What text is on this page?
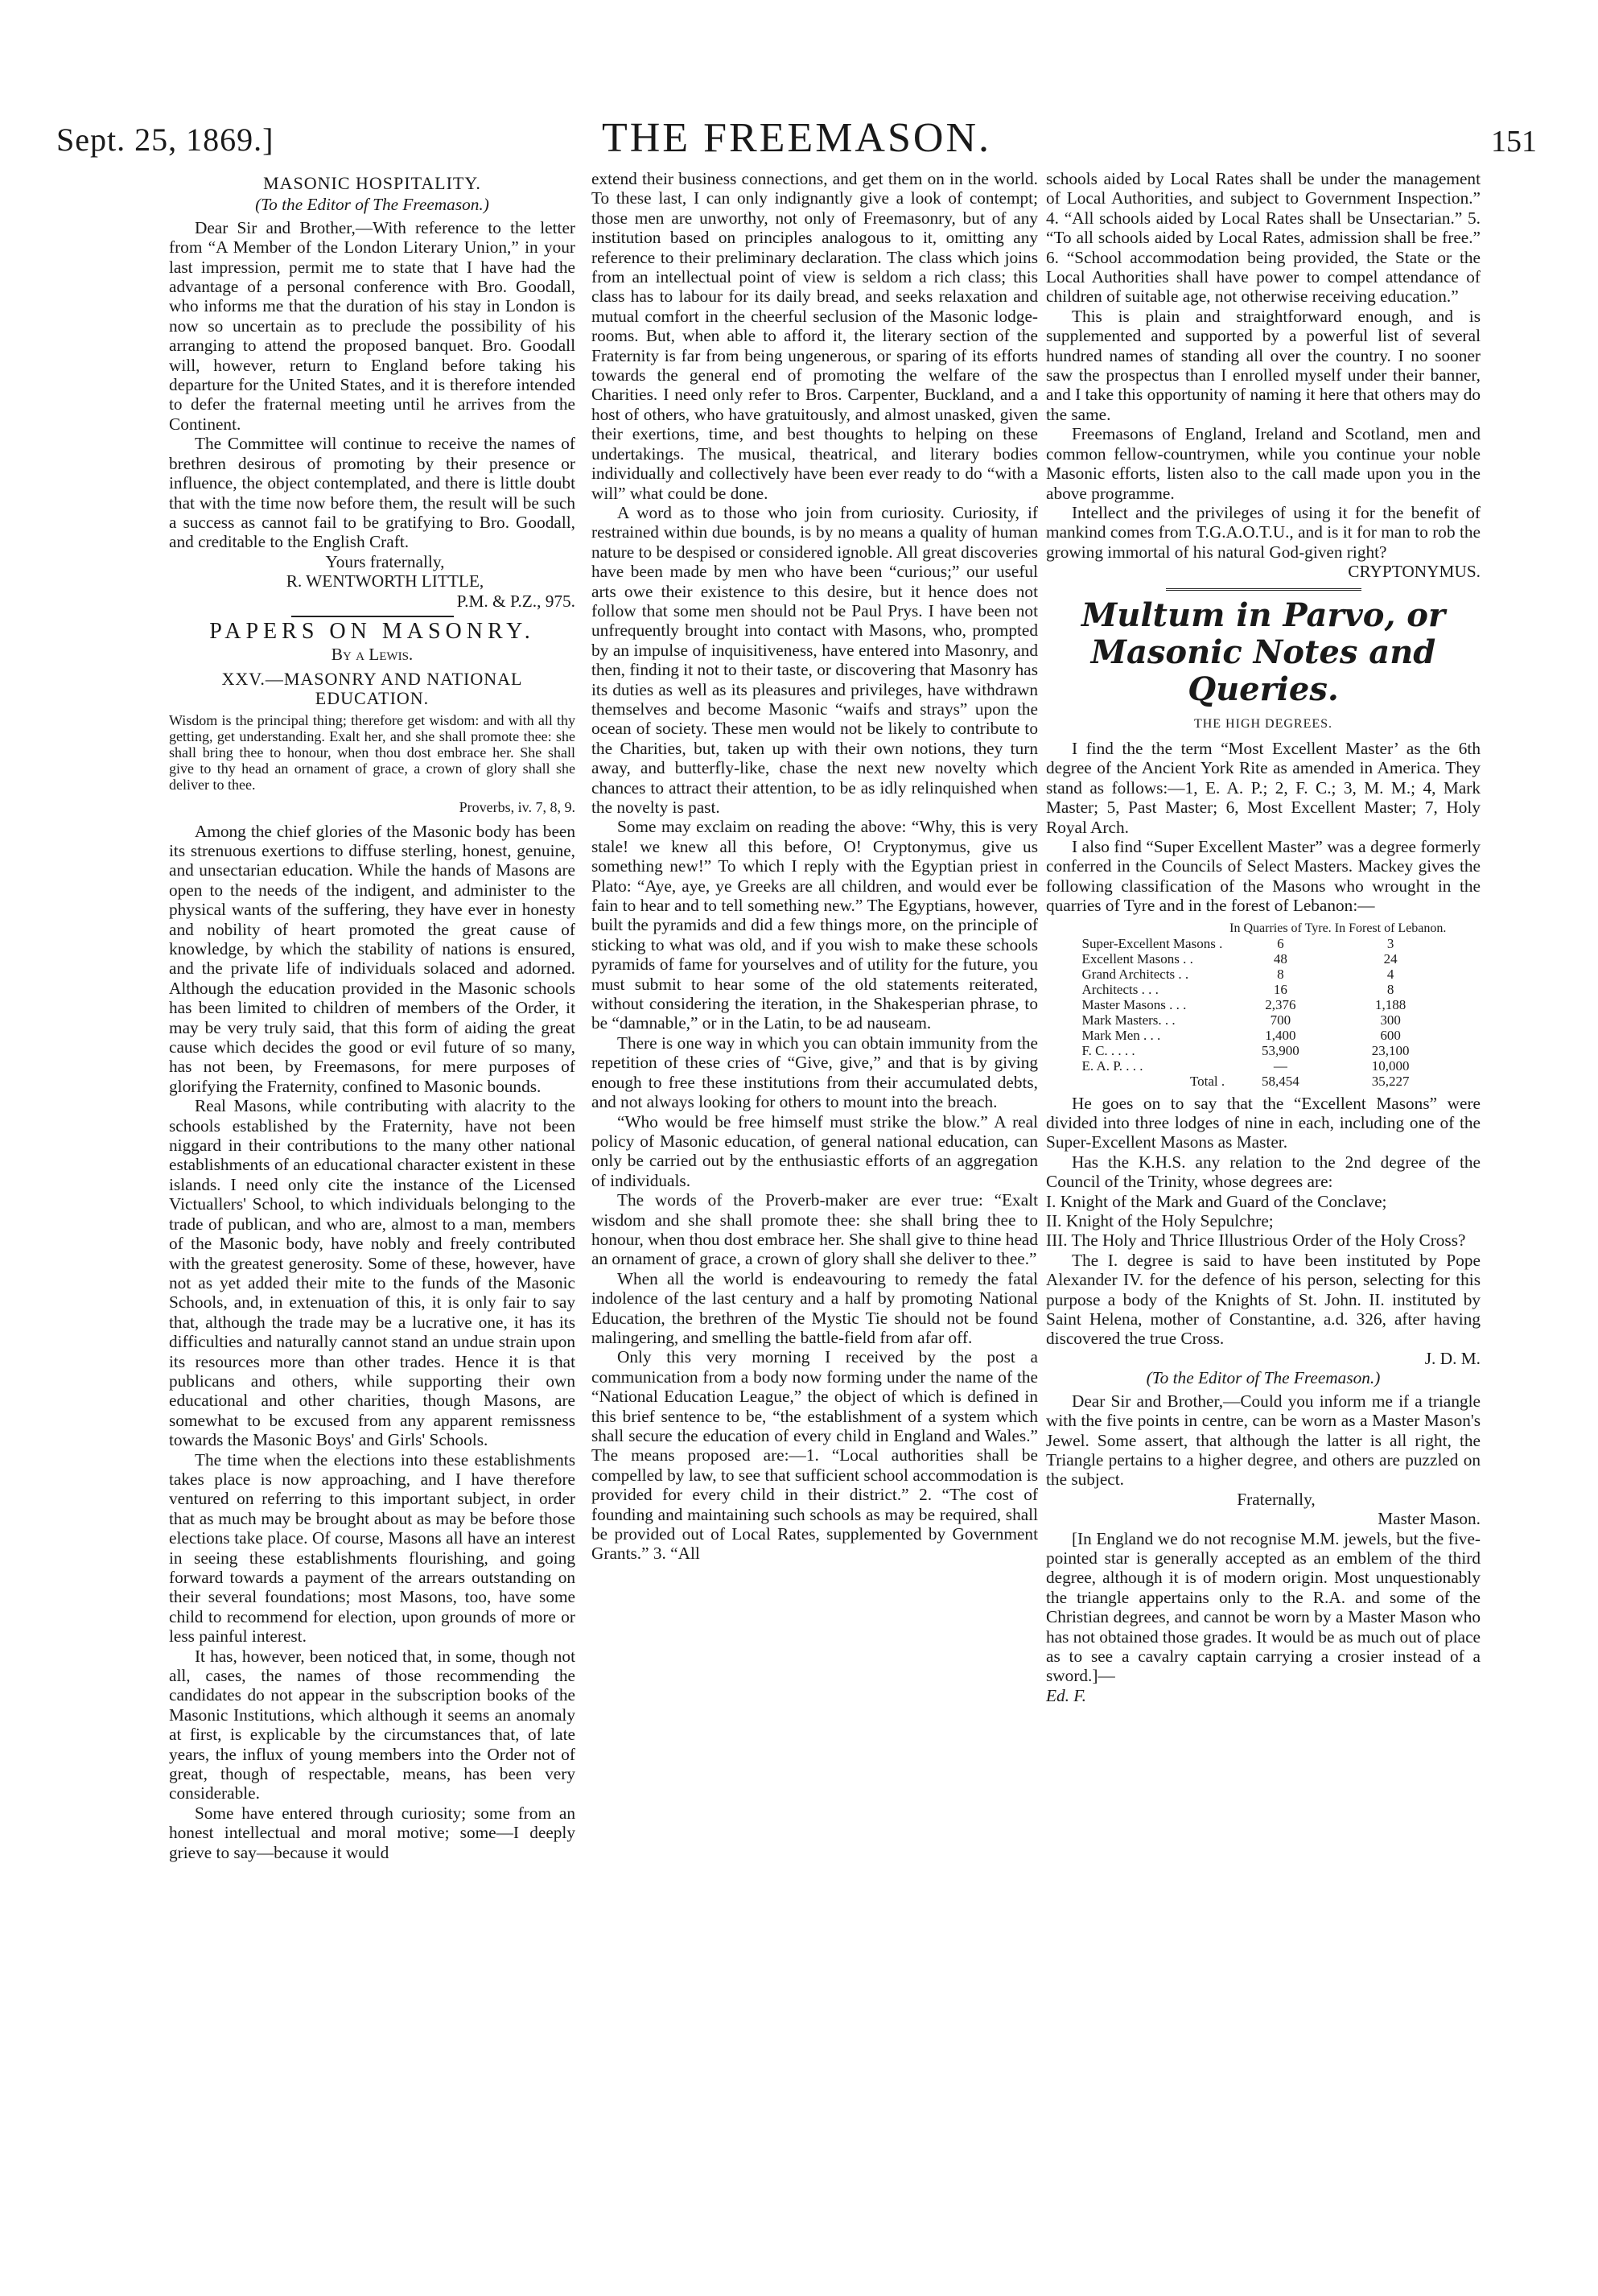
Sept. 25, 1869.]	THE FREEMASON.	151
MASONIC HOSPITALITY.
(To the Editor of The Freemason.)

Dear Sir and Brother,—With reference to the letter from “A Member of the London Literary Union,” in your last impression, permit me to state that I have had the advantage of a personal conference with Bro. Goodall, who informs me that the duration of his stay in London is now so uncertain as to preclude the possibility of his arranging to attend the proposed banquet. Bro. Goodall will, however, return to England before taking his departure for the United States, and it is therefore intended to defer the fraternal meeting until he arrives from the Continent.

The Committee will continue to receive the names of brethren desirous of promoting by their presence or influence, the object contemplated, and there is little doubt that with the time now before them, the result will be such a success as cannot fail to be gratifying to Bro. Goodall, and creditable to the English Craft.

Yours fraternally,

R. WENTWORTH LITTLE,

P.M. & P.Z., 975.

PAPERS ON MASONRY.
By a Lewis.
XXV.—MASONRY AND NATIONAL EDUCATION.

Wisdom is the principal thing; therefore get wisdom: and with all thy getting, get understanding. Exalt her, and she shall promote thee: she shall bring thee to honour, when thou dost embrace her. She shall give to thy head an ornament of grace, a crown of glory shall she deliver to thee.

Proverbs, iv. 7, 8, 9.

Among the chief glories of the Masonic body has been its strenuous exertions to diffuse sterling, honest, genuine, and unsectarian education. While the hands of Masons are open to the needs of the indigent, and administer to the physical wants of the suffering, they have ever in honesty and nobility of heart promoted the great cause of knowledge, by which the stability of nations is ensured, and the private life of individuals solaced and adorned. Although the education provided in the Masonic schools has been limited to children of members of the Order, it may be very truly said, that this form of aiding the great cause which decides the good or evil future of so many, has not been, by Freemasons, for mere purposes of glorifying the Fraternity, confined to Masonic bounds.

Real Masons, while contributing with alacrity to the schools established by the Fraternity, have not been niggard in their contributions to the many other national establishments of an educational character existent in these islands. I need only cite the instance of the Licensed Victuallers' School, to which individuals belonging to the trade of publican, and who are, almost to a man, members of the Masonic body, have nobly and freely contributed with the greatest generosity. Some of these, however, have not as yet added their mite to the funds of the Masonic Schools, and, in extenuation of this, it is only fair to say that, although the trade may be a lucrative one, it has its difficulties and naturally cannot stand an undue strain upon its resources more than other trades. Hence it is that publicans and others, while supporting their own educational and other charities, though Masons, are somewhat to be excused from any apparent remissness towards the Masonic Boys' and Girls' Schools.

The time when the elections into these establishments takes place is now approaching, and I have therefore ventured on referring to this important subject, in order that as much may be brought about as may be before those elections take place. Of course, Masons all have an interest in seeing these establishments flourishing, and going forward towards a payment of the arrears outstanding on their several foundations; most Masons, too, have some child to recommend for election, upon grounds of more or less painful interest.

It has, however, been noticed that, in some, though not all, cases, the names of those recommending the candidates do not appear in the subscription books of the Masonic Institutions, which although it seems an anomaly at first, is explicable by the circumstances that, of late years, the influx of young members into the Order not of great, though of respectable, means, has been very considerable.

Some have entered through curiosity; some from an honest intellectual and moral motive; some—I deeply grieve to say—because it would

extend their business connections, and get them on in the world. To these last, I can only indignantly give a look of contempt; those men are unworthy, not only of Freemasonry, but of any institution based on principles analogous to it, omitting any reference to their preliminary declaration. The class which joins from an intellectual point of view is seldom a rich class; this class has to labour for its daily bread, and seeks relaxation and mutual comfort in the cheerful seclusion of the Masonic lodge-rooms. But, when able to afford it, the literary section of the Fraternity is far from being ungenerous, or sparing of its efforts towards the general end of promoting the welfare of the Charities. I need only refer to Bros. Carpenter, Buckland, and a host of others, who have gratuitously, and almost unasked, given their exertions, time, and best thoughts to helping on these undertakings. The musical, theatrical, and literary bodies individually and collectively have been ever ready to do “with a will” what could be done.

A word as to those who join from curiosity. Curiosity, if restrained within due bounds, is by no means a quality of human nature to be despised or considered ignoble. All great discoveries have been made by men who have been “curious;” our useful arts owe their existence to this desire, but it hence does not follow that some men should not be Paul Prys. I have been not unfrequently brought into contact with Masons, who, prompted by an impulse of inquisitiveness, have entered into Masonry, and then, finding it not to their taste, or discovering that Masonry has its duties as well as its pleasures and privileges, have withdrawn themselves and become Masonic “waifs and strays” upon the ocean of society. These men would not be likely to contribute to the Charities, but, taken up with their own notions, they turn away, and butterfly-like, chase the next new novelty which chances to attract their attention, to be as idly relinquished when the novelty is past.

Some may exclaim on reading the above: “Why, this is very stale! we knew all this before, O! Cryptonymus, give us something new!” To which I reply with the Egyptian priest in Plato: “Aye, aye, ye Greeks are all children, and would ever be fain to hear and to tell something new.” The Egyptians, however, built the pyramids and did a few things more, on the principle of sticking to what was old, and if you wish to make these schools pyramids of fame for yourselves and of utility for the future, you must submit to hear some of the old statements reiterated, without considering the iteration, in the Shakesperian phrase, to be “damnable,” or in the Latin, to be ad nauseam.

There is one way in which you can obtain immunity from the repetition of these cries of “Give, give,” and that is by giving enough to free these institutions from their accumulated debts, and not always looking for others to mount into the breach.

“Who would be free himself must strike the blow.” A real policy of Masonic education, of general national education, can only be carried out by the enthusiastic efforts of an aggregation of individuals.

The words of the Proverb-maker are ever true: “Exalt wisdom and she shall promote thee: she shall bring thee to honour, when thou dost embrace her. She shall give to thine head an ornament of grace, a crown of glory shall she deliver to thee.”

When all the world is endeavouring to remedy the fatal indolence of the last century and a half by promoting National Education, the brethren of the Mystic Tie should not be found malingering, and smelling the battle-field from afar off.

Only this very morning I received by the post a communication from a body now forming under the name of the “National Education League,” the object of which is defined in this brief sentence to be, “the establishment of a system which shall secure the education of every child in England and Wales.” The means proposed are:—1. “Local authorities shall be compelled by law, to see that sufficient school accommodation is provided for every child in their district.” 2. “The cost of founding and maintaining such schools as may be required, shall be provided out of Local Rates, supplemented by Government Grants.” 3. “All

schools aided by Local Rates shall be under the management of Local Authorities, and subject to Government Inspection.” 4. “All schools aided by Local Rates shall be Unsectarian.” 5. “To all schools aided by Local Rates, admission shall be free.” 6. “School accommodation being provided, the State or the Local Authorities shall have power to compel attendance of children of suitable age, not otherwise receiving education.”

This is plain and straightforward enough, and is supplemented and supported by a powerful list of several hundred names of standing all over the country. I no sooner saw the prospectus than I enrolled myself under their banner, and I take this opportunity of naming it here that others may do the same.

Freemasons of England, Ireland and Scotland, men and common fellow-countrymen, while you continue your noble Masonic efforts, listen also to the call made upon you in the above programme.

Intellect and the privileges of using it for the benefit of mankind comes from T.G.A.O.T.U., and is it for man to rob the growing immortal of his natural God-given right?

CRYPTONYMUS.

Multum in Parvo, or Masonic Notes and Queries.
THE HIGH DEGREES.

I find the the term “Most Excellent Master’ as the 6th degree of the Ancient York Rite as amended in America. They stand as follows:—1, E. A. P.; 2, F. C.; 3, M. M.; 4, Mark Master; 5, Past Master; 6, Most Excellent Master; 7, Holy Royal Arch.

I also find “Super Excellent Master” was a degree formerly conferred in the Councils of Select Masters. Mackey gives the following classification of the Masons who wrought in the quarries of Tyre and in the forest of Lebanon:—

	In Quarries of Tyre.	In Forest of Lebanon.
Super-Excellent Masons .	6	3
Excellent Masons . .	48	24
Grand Architects . .	8	4
Architects . . .	16	8
Master Masons . . .	2,376	1,188
Mark Masters. . .	700	300
Mark Men . . .	1,400	600
F. C. . . . .	53,900	23,100
E. A. P. . . .	—	10,000
Total .	58,454	35,227

He goes on to say that the “Excellent Masons” were divided into three lodges of nine in each, including one of the Super-Excellent Masons as Master.

Has the K.H.S. any relation to the 2nd degree of the Council of the Trinity, whose degrees are:

I. Knight of the Mark and Guard of the Conclave;

II. Knight of the Holy Sepulchre;

III. The Holy and Thrice Illustrious Order of the Holy Cross?

The I. degree is said to have been instituted by Pope Alexander IV. for the defence of his person, selecting for this purpose a body of the Knights of St. John. II. instituted by Saint Helena, mother of Constantine, a.d. 326, after having discovered the true Cross.

J. D. M.

(To the Editor of The Freemason.)

Dear Sir and Brother,—Could you inform me if a triangle with the five points in centre, can be worn as a Master Mason's Jewel. Some assert, that although the latter is all right, the Triangle pertains to a higher degree, and others are puzzled on the subject.

Fraternally,

Master Mason.

[In England we do not recognise M.M. jewels, but the five-pointed star is generally accepted as an emblem of the third degree, although it is of modern origin. Most unquestionably the triangle appertains only to the R.A. and some of the Christian degrees, and cannot be worn by a Master Mason who has not obtained those grades. It would be as much out of place as to see a cavalry captain carrying a crosier instead of a sword.]—

Ed. F.
